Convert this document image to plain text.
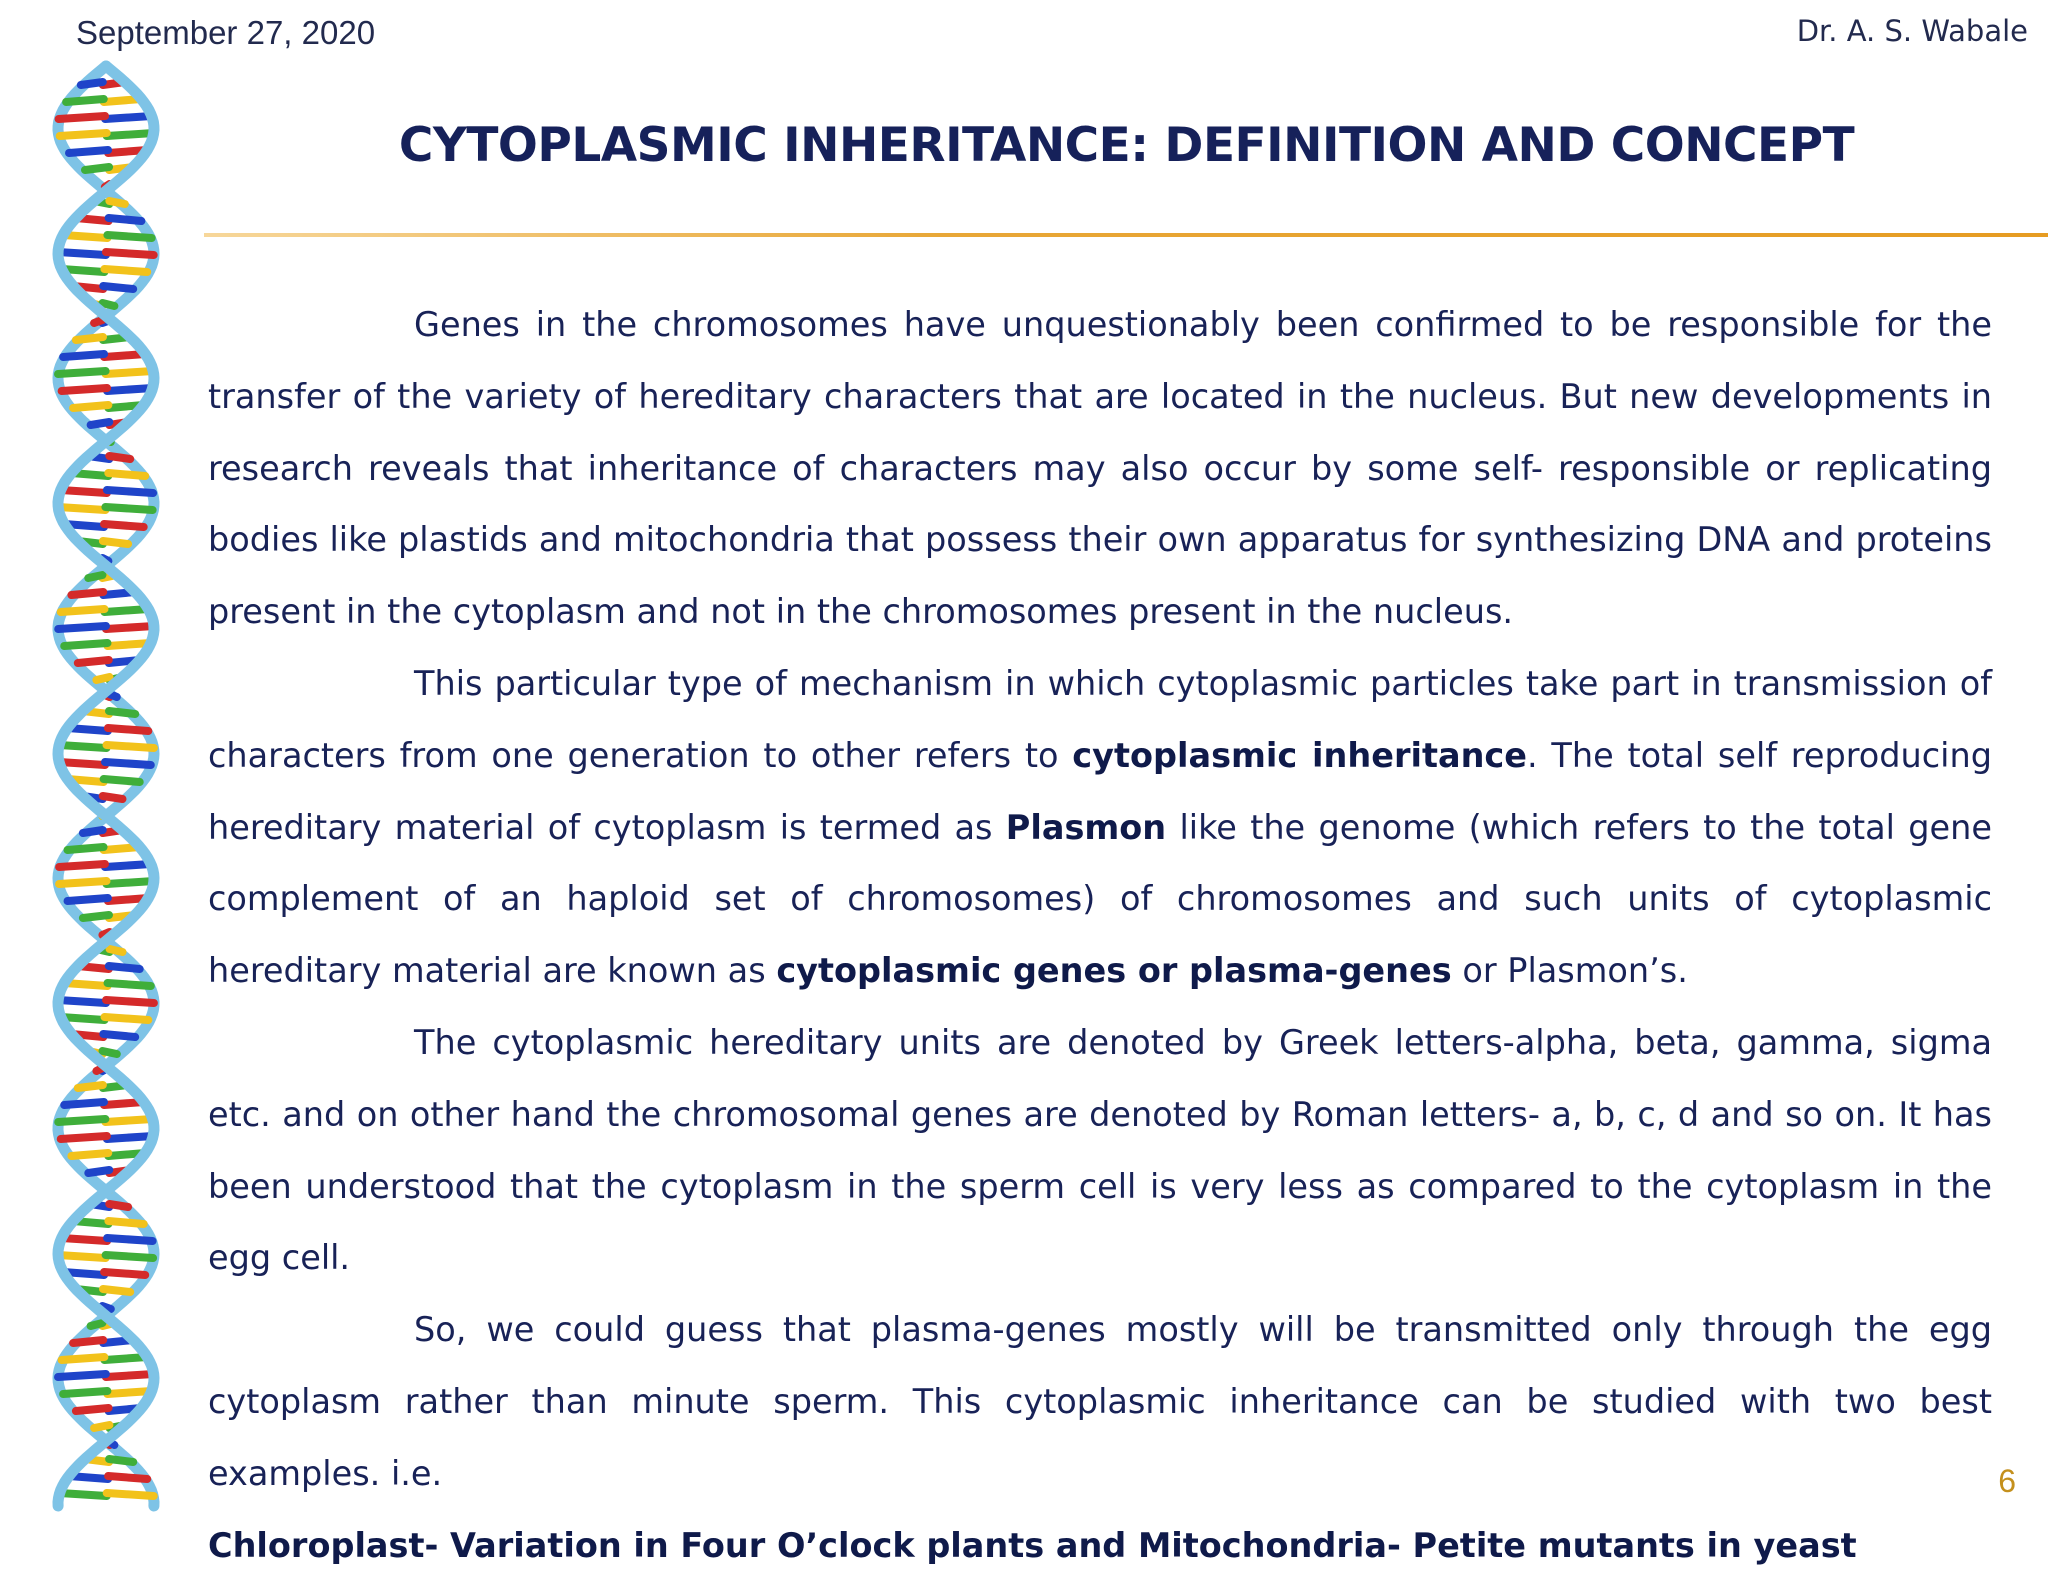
September 27, 2020	Dr. A. S. Wabale
CYTOPLASMIC INHERITANCE: DEFINITION AND CONCEPT

Genes in the chromosomes have unquestionably been confirmed to be responsible for the transfer of the variety of hereditary characters that are located in the nucleus. But new developments in research reveals that inheritance of characters may also occur by some self- responsible or replicating bodies like plastids and mitochondria that possess their own apparatus for synthesizing DNA and proteins present in the cytoplasm and not in the chromosomes present in the nucleus.

This particular type of mechanism in which cytoplasmic particles take part in transmission of characters from one generation to other refers to cytoplasmic inheritance. The total self reproducing hereditary material of cytoplasm is termed as Plasmon like the genome (which refers to the total gene complement of an haploid set of chromosomes) of chromosomes and such units of cytoplasmic hereditary material are known as cytoplasmic genes or plasma-genes or Plasmon’s.

The cytoplasmic hereditary units are denoted by Greek letters-alpha, beta, gamma, sigma etc. and on other hand the chromosomal genes are denoted by Roman letters- a, b, c, d and so on. It has been understood that the cytoplasm in the sperm cell is very less as compared to the cytoplasm in the egg cell.

So, we could guess that plasma-genes mostly will be transmitted only through the egg cytoplasm rather than minute sperm. This cytoplasmic inheritance can be studied with two best examples. i.e.

Chloroplast- Variation in Four O’clock plants and Mitochondria- Petite mutants in yeast

6
